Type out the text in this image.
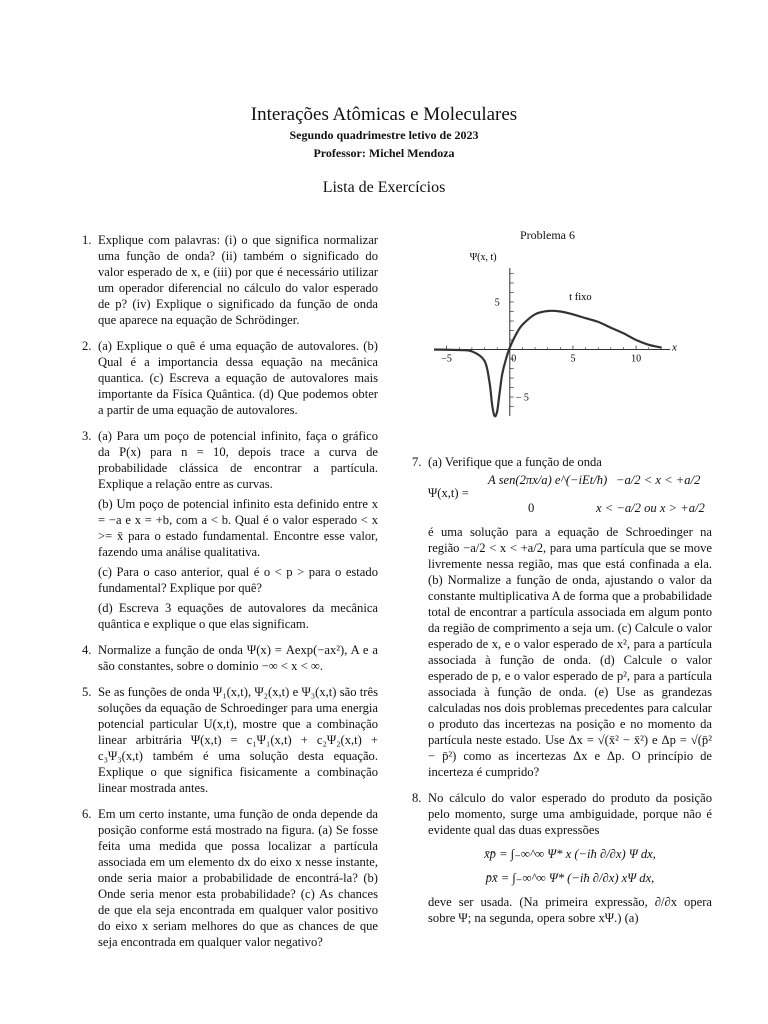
Interações Atômicas e Moleculares
Segundo quadrimestre letivo de 2023
Professor: Michel Mendoza
Lista de Exercícios
1. Explique com palavras: (i) o que significa normalizar uma função de onda? (ii) também o significado do valor esperado de x, e (iii) por que é necessário utilizar um operador diferencial no cálculo do valor esperado de p? (iv) Explique o significado da função de onda que aparece na equação de Schrödinger.
2. (a) Explique o quê é uma equação de autovalores. (b) Qual é a importancia dessa equação na mecânica quantica. (c) Escreva a equação de autovalores mais importante da Física Quântica. (d) Que podemos obter a partir de uma equação de autovalores.
3. (a) Para um poço de potencial infinito, faça o gráfico da P(x) para n = 10, depois trace a curva de probabilidade clássica de encontrar a partícula. Explique a relação entre as curvas.
(b) Um poço de potencial infinito esta definido entre x = −a e x = +b, com a < b. Qual é o valor esperado < x >= x̄ para o estado fundamental. Encontre esse valor, fazendo uma análise qualitativa.
(c) Para o caso anterior, qual é o < p > para o estado fundamental? Explique por quê?
(d) Escreva 3 equações de autovalores da mecânica quântica e explique o que elas significam.
4. Normalize a função de onda Ψ(x) = Aexp(−ax²), A e a são constantes, sobre o dominio −∞ < x < ∞.
5. Se as funções de onda Ψ₁(x,t), Ψ₂(x,t) e Ψ₃(x,t) são três soluções da equação de Schroedinger para uma energia potencial particular U(x,t), mostre que a combinação linear arbitrária Ψ(x,t) = c₁Ψ₁(x,t) + c₂Ψ₂(x,t) + c₃Ψ₃(x,t) também é uma solução desta equação. Explique o que significa fisicamente a combinação linear mostrada antes.
6. Em um certo instante, uma função de onda depende da posição conforme está mostrado na figura. (a) Se fosse feita uma medida que possa localizar a partícula associada em um elemento dx do eixo x nesse instante, onde seria maior a probabilidade de encontrá-la? (b) Onde seria menor esta probabilidade? (c) As chances de que ela seja encontrada em qualquer valor positivo do eixo x seriam melhores do que as chances de que seja encontrada em qualquer valor negativo?
Problema 6
Ψ(x, t)
x
t fixo
−5	0	5	10
5
− 5
7. (a) Verifique que a função de onda
Ψ(x,t) =
A sen(2πx/a) e^(−iEt/ħ) −a/2 < x < +a/2
0	x < −a/2 ou x > +a/2
é uma solução para a equação de Schroedinger na região −a/2 < x < +a/2, para uma partícula que se move livremente nessa região, mas que está confinada a ela. (b) Normalize a função de onda, ajustando o valor da constante multiplicativa A de forma que a probabilidade total de encontrar a partícula associada em algum ponto da região de comprimento a seja um. (c) Calcule o valor esperado de x, e o valor esperado de x², para a partícula associada à função de onda. (d) Calcule o valor esperado de p, e o valor esperado de p², para a partícula associada à função de onda. (e) Use as grandezas calculadas nos dois problemas precedentes para calcular o produto das incertezas na posição e no momento da partícula neste estado. Use Δx = √(x̄² − x̄²) e Δp = √(p̄² − p̄²) como as incertezas Δx e Δp. O princípio de incerteza é cumprido?
8. No cálculo do valor esperado do produto da posição pelo momento, surge uma ambiguidade, porque não é evidente qual das duas expressões
x̄p̄ = ∫₋∞^∞ Ψ* x (−iħ ∂/∂x) Ψ dx,
p̄x̄ = ∫₋∞^∞ Ψ* (−iħ ∂/∂x) xΨ dx,
deve ser usada. (Na primeira expressão, ∂/∂x opera sobre Ψ; na segunda, opera sobre xΨ.) (a)
